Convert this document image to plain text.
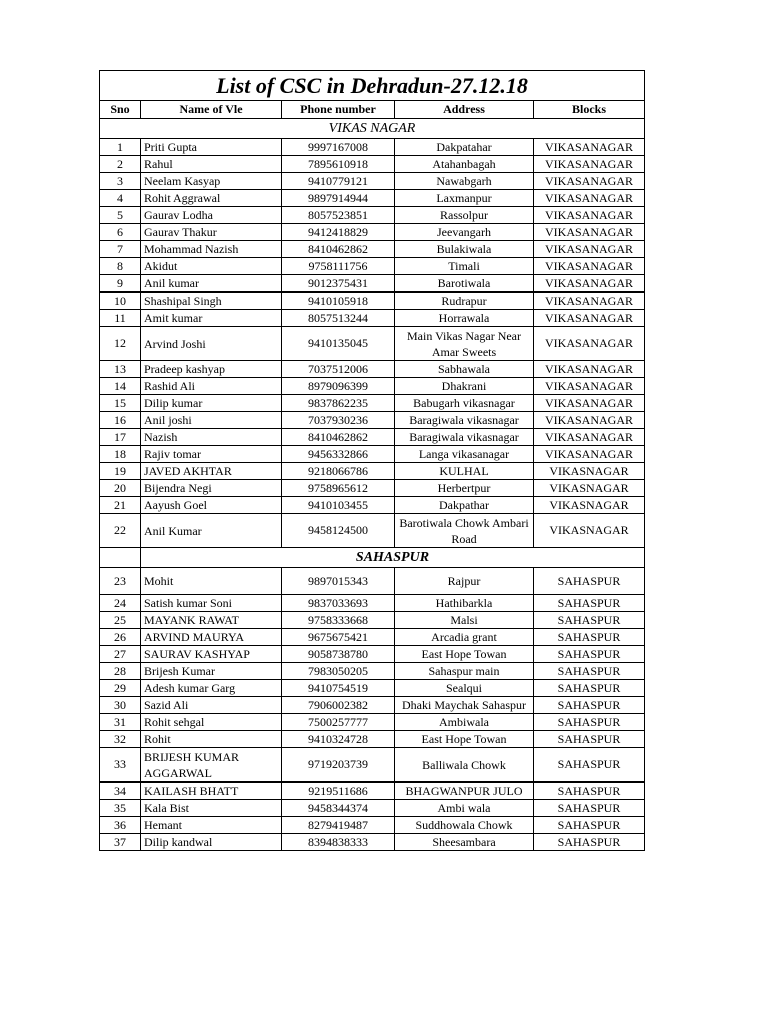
List of CSC in Dehradun-27.12.18				
Sno	Name of Vle	Phone number	Address	Blocks
VIKAS NAGAR				
1	Priti Gupta	9997167008	Dakpatahar	VIKASANAGAR
2	Rahul	7895610918	Atahanbagah	VIKASANAGAR
3	Neelam Kasyap	9410779121	Nawabgarh	VIKASANAGAR
4	Rohit Aggrawal	9897914944	Laxmanpur	VIKASANAGAR
5	Gaurav Lodha	8057523851	Rassolpur	VIKASANAGAR
6	Gaurav Thakur	9412418829	Jeevangarh	VIKASANAGAR
7	Mohammad Nazish	8410462862	Bulakiwala	VIKASANAGAR
8	Akidut	9758111756	Timali	VIKASANAGAR
9	Anil kumar	9012375431	Barotiwala	VIKASANAGAR
10	Shashipal Singh	9410105918	Rudrapur	VIKASANAGAR
11	Amit kumar	8057513244	Horrawala	VIKASANAGAR
12	Arvind Joshi	9410135045	Main Vikas Nagar Near Amar Sweets	VIKASANAGAR
13	Pradeep kashyap	7037512006	Sabhawala	VIKASANAGAR
14	Rashid Ali	8979096399	Dhakrani	VIKASANAGAR
15	Dilip kumar	9837862235	Babugarh vikasnagar	VIKASANAGAR
16	Anil joshi	7037930236	Baragiwala vikasnagar	VIKASANAGAR
17	Nazish	8410462862	Baragiwala vikasnagar	VIKASANAGAR
18	Rajiv tomar	9456332866	Langa vikasanagar	VIKASANAGAR
19	JAVED AKHTAR	9218066786	KULHAL	VIKASNAGAR
20	Bijendra Negi	9758965612	Herbertpur	VIKASNAGAR
21	Aayush Goel	9410103455	Dakpathar	VIKASNAGAR
22	Anil Kumar	9458124500	Barotiwala Chowk Ambari Road	VIKASNAGAR
	SAHASPUR			
23	Mohit	9897015343	Rajpur	SAHASPUR
24	Satish kumar Soni	9837033693	Hathibarkla	SAHASPUR
25	MAYANK RAWAT	9758333668	Malsi	SAHASPUR
26	ARVIND MAURYA	9675675421	Arcadia grant	SAHASPUR
27	SAURAV KASHYAP	9058738780	East Hope Towan	SAHASPUR
28	Brijesh Kumar	7983050205	Sahaspur main	SAHASPUR
29	Adesh kumar Garg	9410754519	Sealqui	SAHASPUR
30	Sazid Ali	7906002382	Dhaki Maychak Sahaspur	SAHASPUR
31	Rohit sehgal	7500257777	Ambiwala	SAHASPUR
32	Rohit	9410324728	East Hope Towan	SAHASPUR
33	BRIJESH KUMAR AGGARWAL	9719203739	Balliwala Chowk	SAHASPUR
34	KAILASH BHATT	9219511686	BHAGWANPUR JULO	SAHASPUR
35	Kala Bist	9458344374	Ambi wala	SAHASPUR
36	Hemant	8279419487	Suddhowala Chowk	SAHASPUR
37	Dilip kandwal	8394838333	Sheesambara	SAHASPUR
